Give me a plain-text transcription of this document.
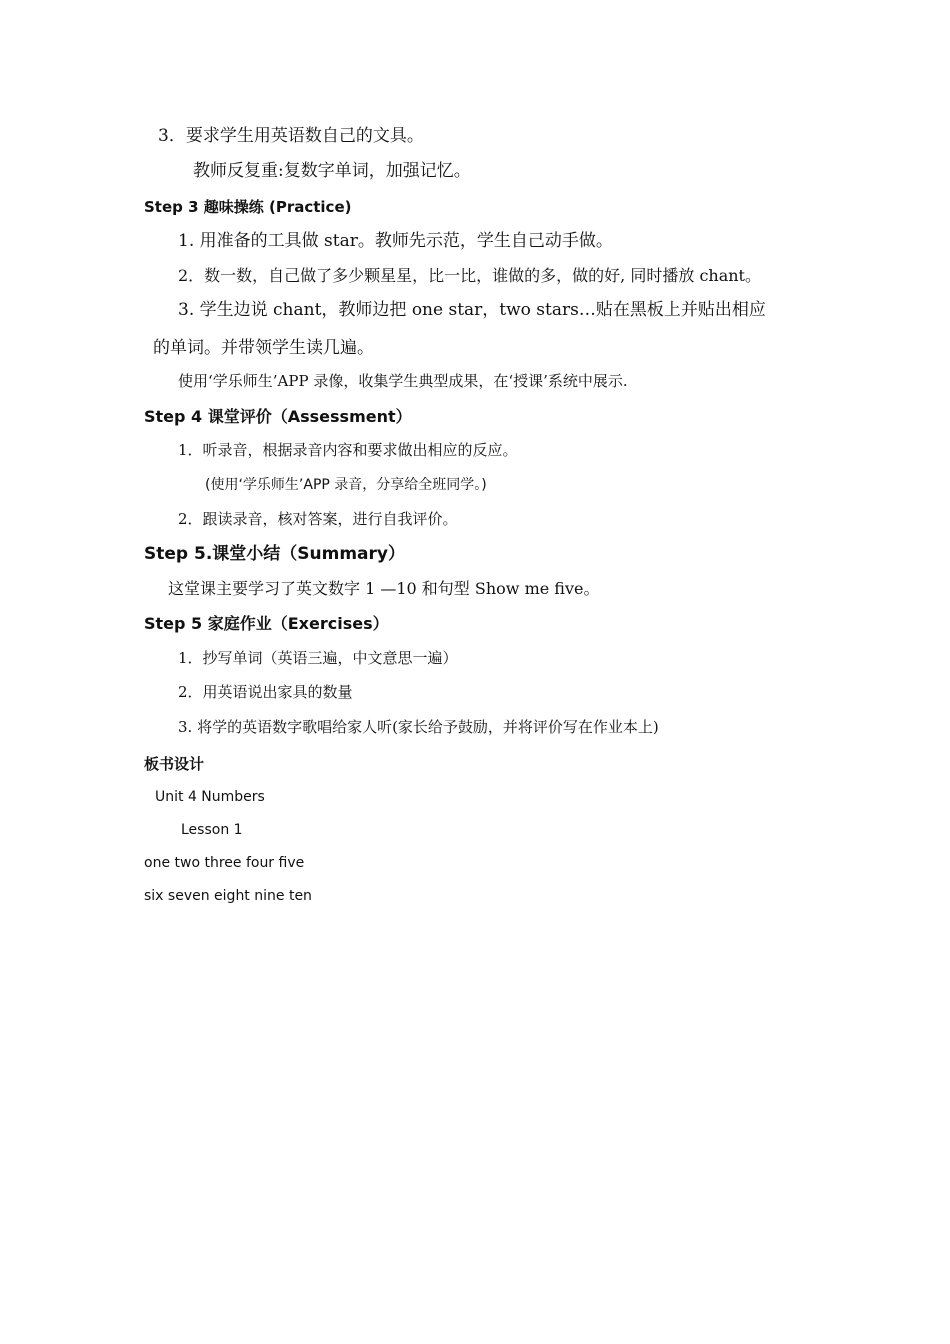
3．要求学生用英语数自己的文具。
教师反复重:复数字单词，加强记忆。
Step 3 趣味操练 (Practice)
1. 用准备的工具做 star。教师先示范，学生自己动手做。
2．数一数，自己做了多少颗星星，比一比，谁做的多，做的好, 同时播放 chant。
3. 学生边说 chant，教师边把 one star，two stars…贴在黑板上并贴出相应
的单词。并带领学生读几遍。
使用‘学乐师生’APP 录像，收集学生典型成果，在‘授课’系统中展示.
Step 4 课堂评价（Assessment）
1．听录音，根据录音内容和要求做出相应的反应。
(使用‘学乐师生’APP 录音，分享给全班同学。)
2．跟读录音，核对答案，进行自我评价。
Step 5.课堂小结（Summary）
这堂课主要学习了英文数字 1 —10 和句型 Show me five。
Step 5 家庭作业（Exercises）
1．抄写单词（英语三遍，中文意思一遍）
2．用英语说出家具的数量
3. 将学的英语数字歌唱给家人听(家长给予鼓励，并将评价写在作业本上)
板书设计
Unit 4 Numbers
Lesson 1
one two three four five
six seven eight nine ten
